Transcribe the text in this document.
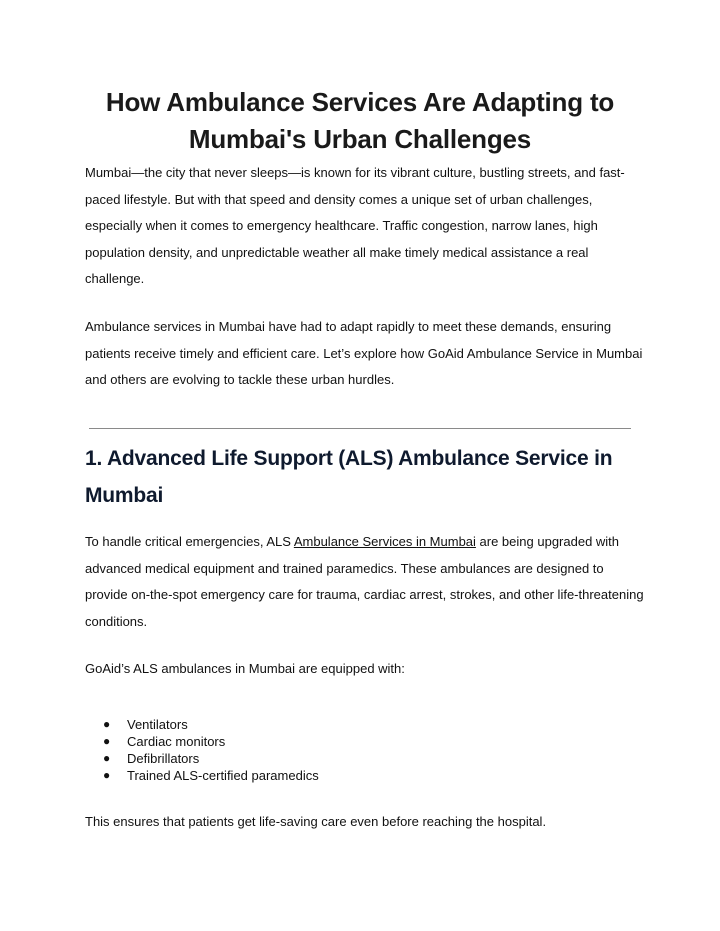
How Ambulance Services Are Adapting to Mumbai's Urban Challenges

Mumbai—the city that never sleeps—is known for its vibrant culture, bustling streets, and fast-paced lifestyle. But with that speed and density comes a unique set of urban challenges, especially when it comes to emergency healthcare. Traffic congestion, narrow lanes, high population density, and unpredictable weather all make timely medical assistance a real challenge.

Ambulance services in Mumbai have had to adapt rapidly to meet these demands, ensuring patients receive timely and efficient care. Let’s explore how GoAid Ambulance Service in Mumbai and others are evolving to tackle these urban hurdles.

1. Advanced Life Support (ALS) Ambulance Service in Mumbai

To handle critical emergencies, ALS Ambulance Services in Mumbai are being upgraded with advanced medical equipment and trained paramedics. These ambulances are designed to provide on-the-spot emergency care for trauma, cardiac arrest, strokes, and other life-threatening conditions.

GoAid’s ALS ambulances in Mumbai are equipped with:

● Ventilators
● Cardiac monitors
● Defibrillators
● Trained ALS-certified paramedics

This ensures that patients get life-saving care even before reaching the hospital.
